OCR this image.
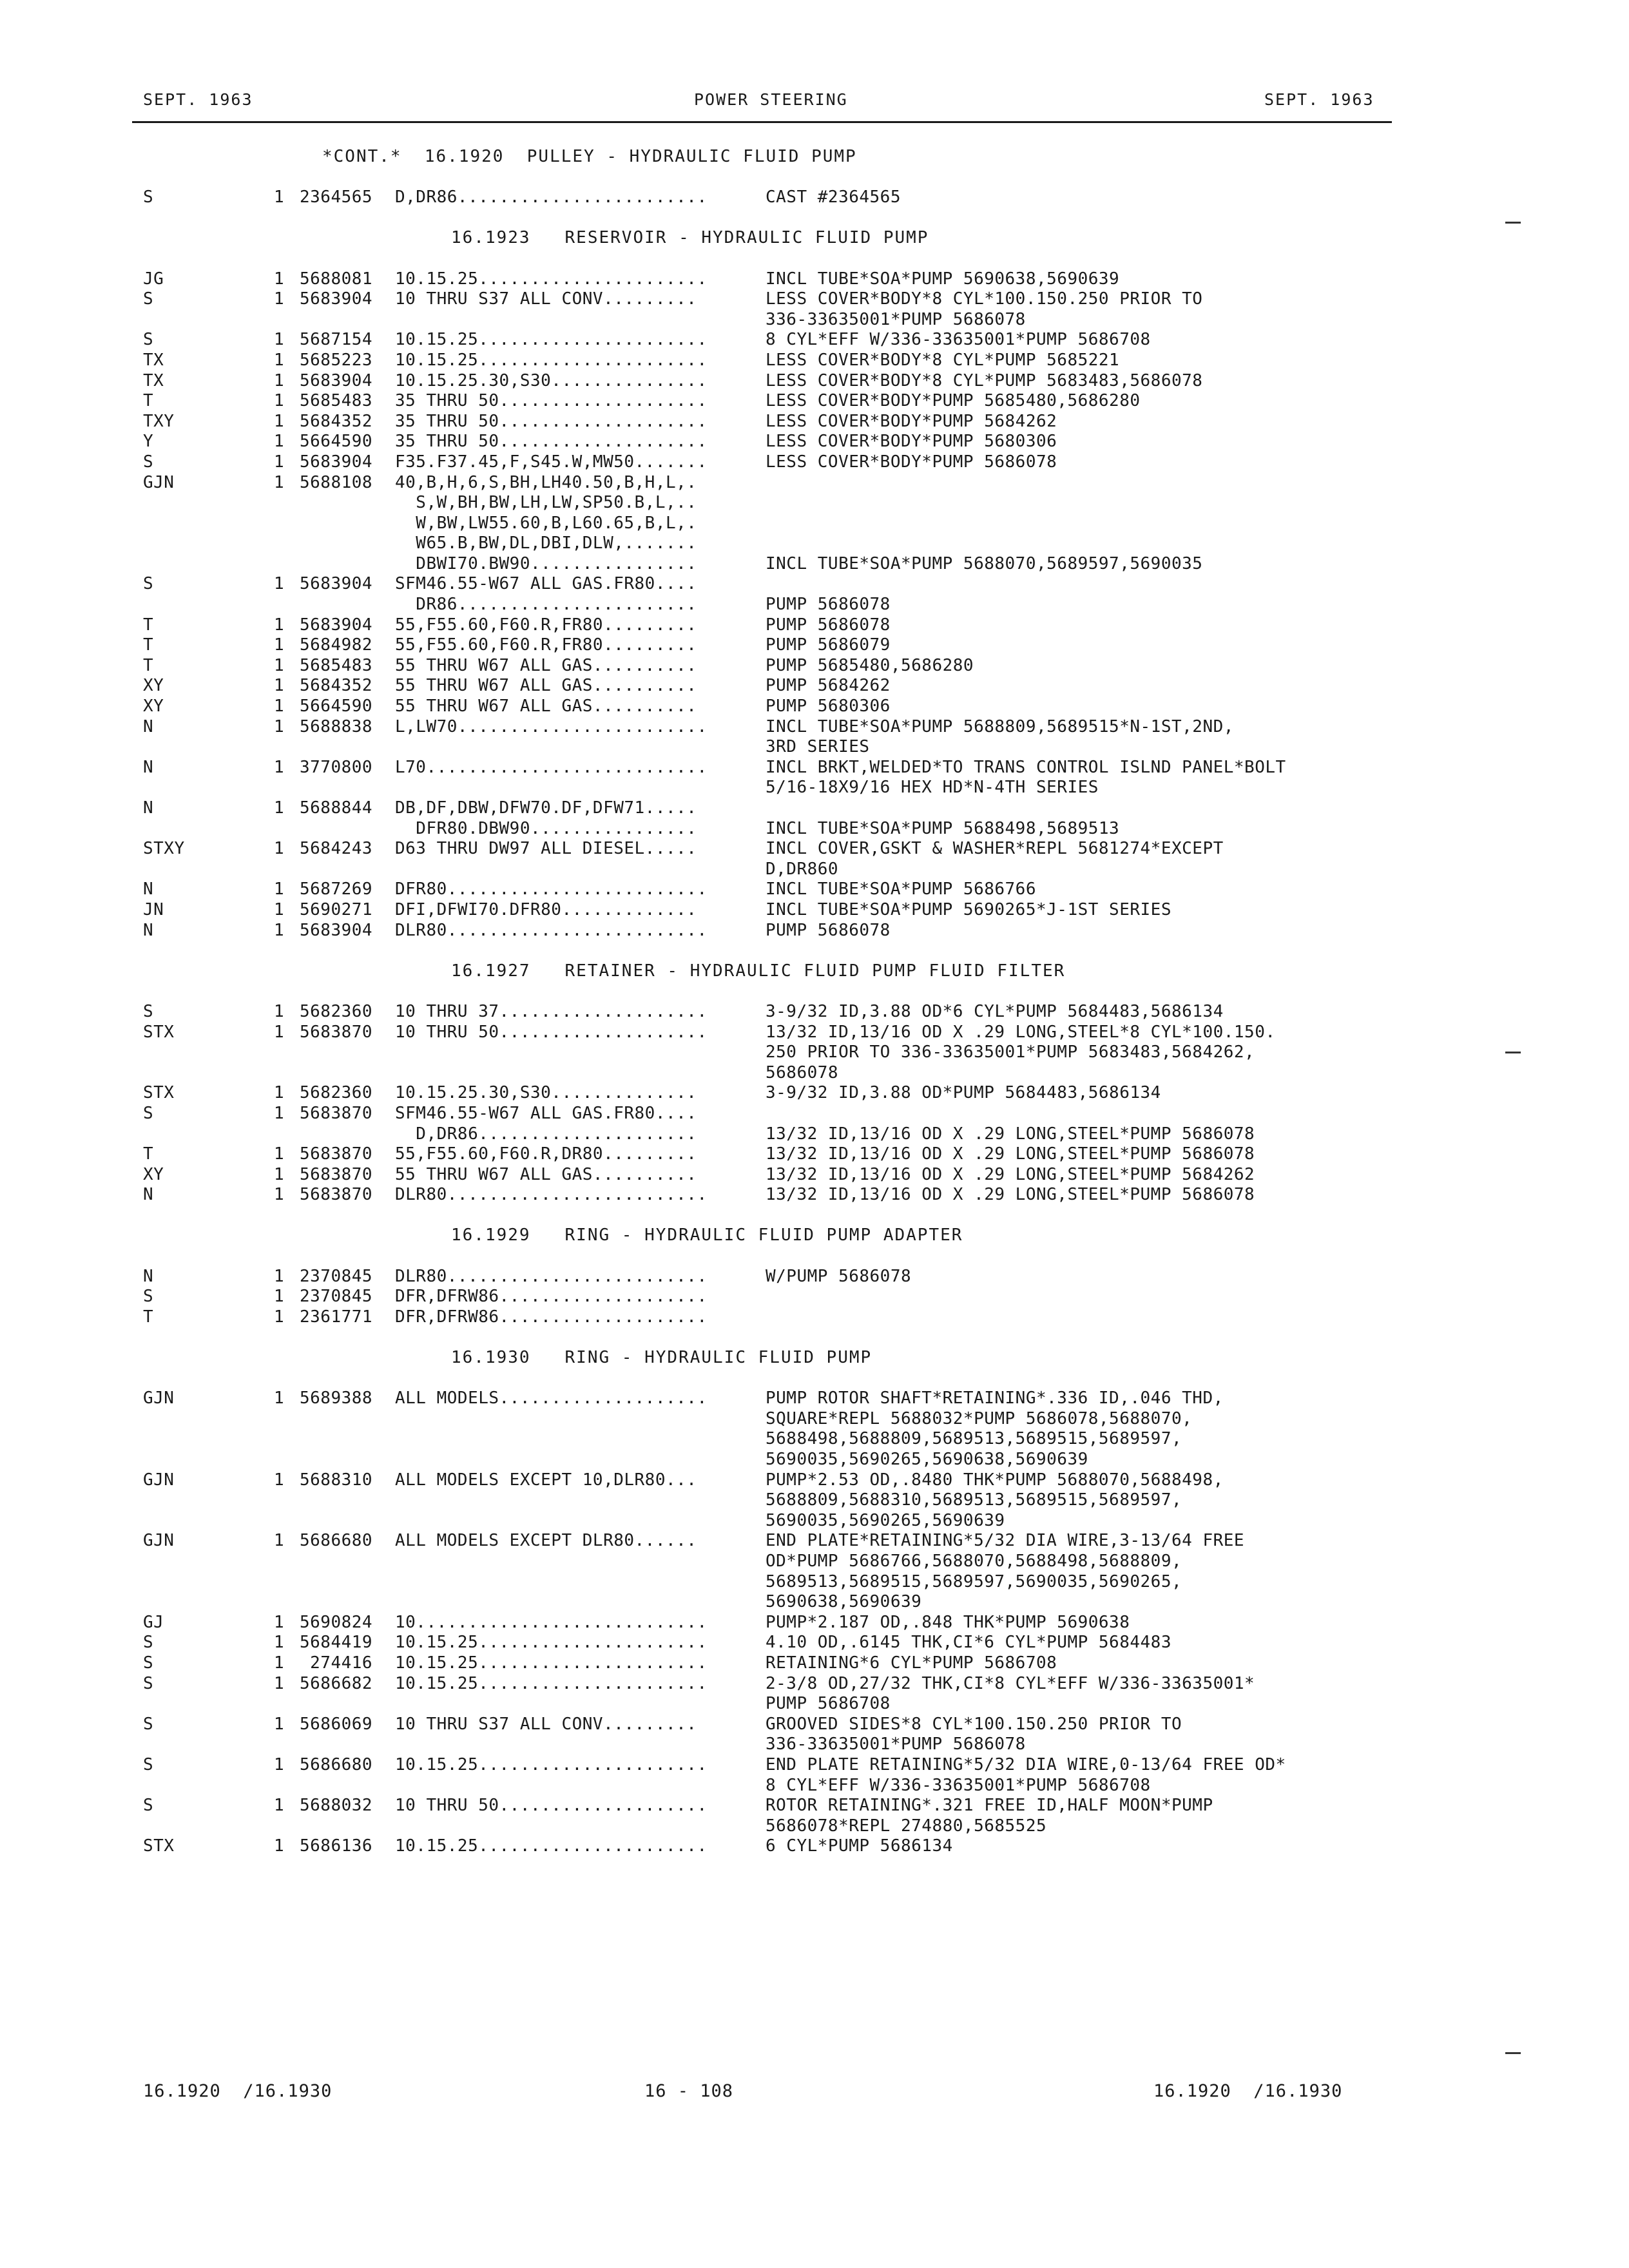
SEPT. 1963	POWER STEERING	SEPT. 1963
*CONT.*  16.1920  PULLEY - HYDRAULIC FLUID PUMP
S	1 2364565 D,DR86........................	CAST #2364565
16.1923   RESERVOIR - HYDRAULIC FLUID PUMP
JG	1 5688081 10.15.25......................	INCL TUBE*SOA*PUMP 5690638,5690639
S	1 5683904 10 THRU S37 ALL CONV.........	LESS COVER*BODY*8 CYL*100.150.250 PRIOR TO
336-33635001*PUMP 5686078
S	1 5687154 10.15.25......................	8 CYL*EFF W/336-33635001*PUMP 5686708
TX	1 5685223 10.15.25......................	LESS COVER*BODY*8 CYL*PUMP 5685221
TX	1 5683904 10.15.25.30,S30...............	LESS COVER*BODY*8 CYL*PUMP 5683483,5686078
T	1 5685483 35 THRU 50....................	LESS COVER*BODY*PUMP 5685480,5686280
TXY	1 5684352 35 THRU 50....................	LESS COVER*BODY*PUMP 5684262
Y	1 5664590 35 THRU 50....................	LESS COVER*BODY*PUMP 5680306
S	1 5683904 F35.F37.45,F,S45.W,MW50.......	LESS COVER*BODY*PUMP 5686078
GJN	1 5688108 40,B,H,6,S,BH,LH40.50,B,H,L,.
S,W,BH,BW,LH,LW,SP50.B,L,..
W,BW,LW55.60,B,L60.65,B,L,.
W65.B,BW,DL,DBI,DLW,.......
DBWI70.BW90................	INCL TUBE*SOA*PUMP 5688070,5689597,5690035
S	1 5683904 SFM46.55-W67 ALL GAS.FR80....
DR86.......................	PUMP 5686078
T	1 5683904 55,F55.60,F60.R,FR80.........	PUMP 5686078
T	1 5684982 55,F55.60,F60.R,FR80.........	PUMP 5686079
T	1 5685483 55 THRU W67 ALL GAS..........	PUMP 5685480,5686280
XY	1 5684352 55 THRU W67 ALL GAS..........	PUMP 5684262
XY	1 5664590 55 THRU W67 ALL GAS..........	PUMP 5680306
N	1 5688838 L,LW70........................	INCL TUBE*SOA*PUMP 5688809,5689515*N-1ST,2ND,
3RD SERIES
N	1 3770800 L70...........................	INCL BRKT,WELDED*TO TRANS CONTROL ISLND PANEL*BOLT
5/16-18X9/16 HEX HD*N-4TH SERIES
N	1 5688844 DB,DF,DBW,DFW70.DF,DFW71.....
DFR80.DBW90................	INCL TUBE*SOA*PUMP 5688498,5689513
STXY	1 5684243 D63 THRU DW97 ALL DIESEL.....	INCL COVER,GSKT & WASHER*REPL 5681274*EXCEPT
D,DR860
N	1 5687269 DFR80.........................	INCL TUBE*SOA*PUMP 5686766
JN	1 5690271 DFI,DFWI70.DFR80.............	INCL TUBE*SOA*PUMP 5690265*J-1ST SERIES
N	1 5683904 DLR80.........................	PUMP 5686078
16.1927   RETAINER - HYDRAULIC FLUID PUMP FLUID FILTER
S	1 5682360 10 THRU 37....................	3-9/32 ID,3.88 OD*6 CYL*PUMP 5684483,5686134
STX	1 5683870 10 THRU 50....................	13/32 ID,13/16 OD X .29 LONG,STEEL*8 CYL*100.150.
250 PRIOR TO 336-33635001*PUMP 5683483,5684262,
5686078
STX	1 5682360 10.15.25.30,S30..............	3-9/32 ID,3.88 OD*PUMP 5684483,5686134
S	1 5683870 SFM46.55-W67 ALL GAS.FR80....
D,DR86.....................	13/32 ID,13/16 OD X .29 LONG,STEEL*PUMP 5686078
T	1 5683870 55,F55.60,F60.R,DR80.........	13/32 ID,13/16 OD X .29 LONG,STEEL*PUMP 5686078
XY	1 5683870 55 THRU W67 ALL GAS..........	13/32 ID,13/16 OD X .29 LONG,STEEL*PUMP 5684262
N	1 5683870 DLR80.........................	13/32 ID,13/16 OD X .29 LONG,STEEL*PUMP 5686078
16.1929   RING - HYDRAULIC FLUID PUMP ADAPTER
N	1 2370845 DLR80.........................	W/PUMP 5686078
S	1 2370845 DFR,DFRW86....................
T	1 2361771 DFR,DFRW86....................
16.1930   RING - HYDRAULIC FLUID PUMP
GJN	1 5689388 ALL MODELS....................	PUMP ROTOR SHAFT*RETAINING*.336 ID,.046 THD,
SQUARE*REPL 5688032*PUMP 5686078,5688070,
5688498,5688809,5689513,5689515,5689597,
5690035,5690265,5690638,5690639
GJN	1 5688310 ALL MODELS EXCEPT 10,DLR80...	PUMP*2.53 OD,.8480 THK*PUMP 5688070,5688498,
5688809,5688310,5689513,5689515,5689597,
5690035,5690265,5690639
GJN	1 5686680 ALL MODELS EXCEPT DLR80......	END PLATE*RETAINING*5/32 DIA WIRE,3-13/64 FREE
OD*PUMP 5686766,5688070,5688498,5688809,
5689513,5689515,5689597,5690035,5690265,
5690638,5690639
GJ	1 5690824 10............................	PUMP*2.187 OD,.848 THK*PUMP 5690638
S	1 5684419 10.15.25......................	4.10 OD,.6145 THK,CI*6 CYL*PUMP 5684483
S	1 274416 10.15.25......................	RETAINING*6 CYL*PUMP 5686708
S	1 5686682 10.15.25......................	2-3/8 OD,27/32 THK,CI*8 CYL*EFF W/336-33635001*
PUMP 5686708
S	1 5686069 10 THRU S37 ALL CONV.........	GROOVED SIDES*8 CYL*100.150.250 PRIOR TO
336-33635001*PUMP 5686078
S	1 5686680 10.15.25......................	END PLATE RETAINING*5/32 DIA WIRE,0-13/64 FREE OD*
8 CYL*EFF W/336-33635001*PUMP 5686708
S	1 5688032 10 THRU 50....................	ROTOR RETAINING*.321 FREE ID,HALF MOON*PUMP
5686078*REPL 274880,5685525
STX	1 5686136 10.15.25......................	6 CYL*PUMP 5686134
16.1920  /16.1930	16 - 108	16.1920  /16.1930
